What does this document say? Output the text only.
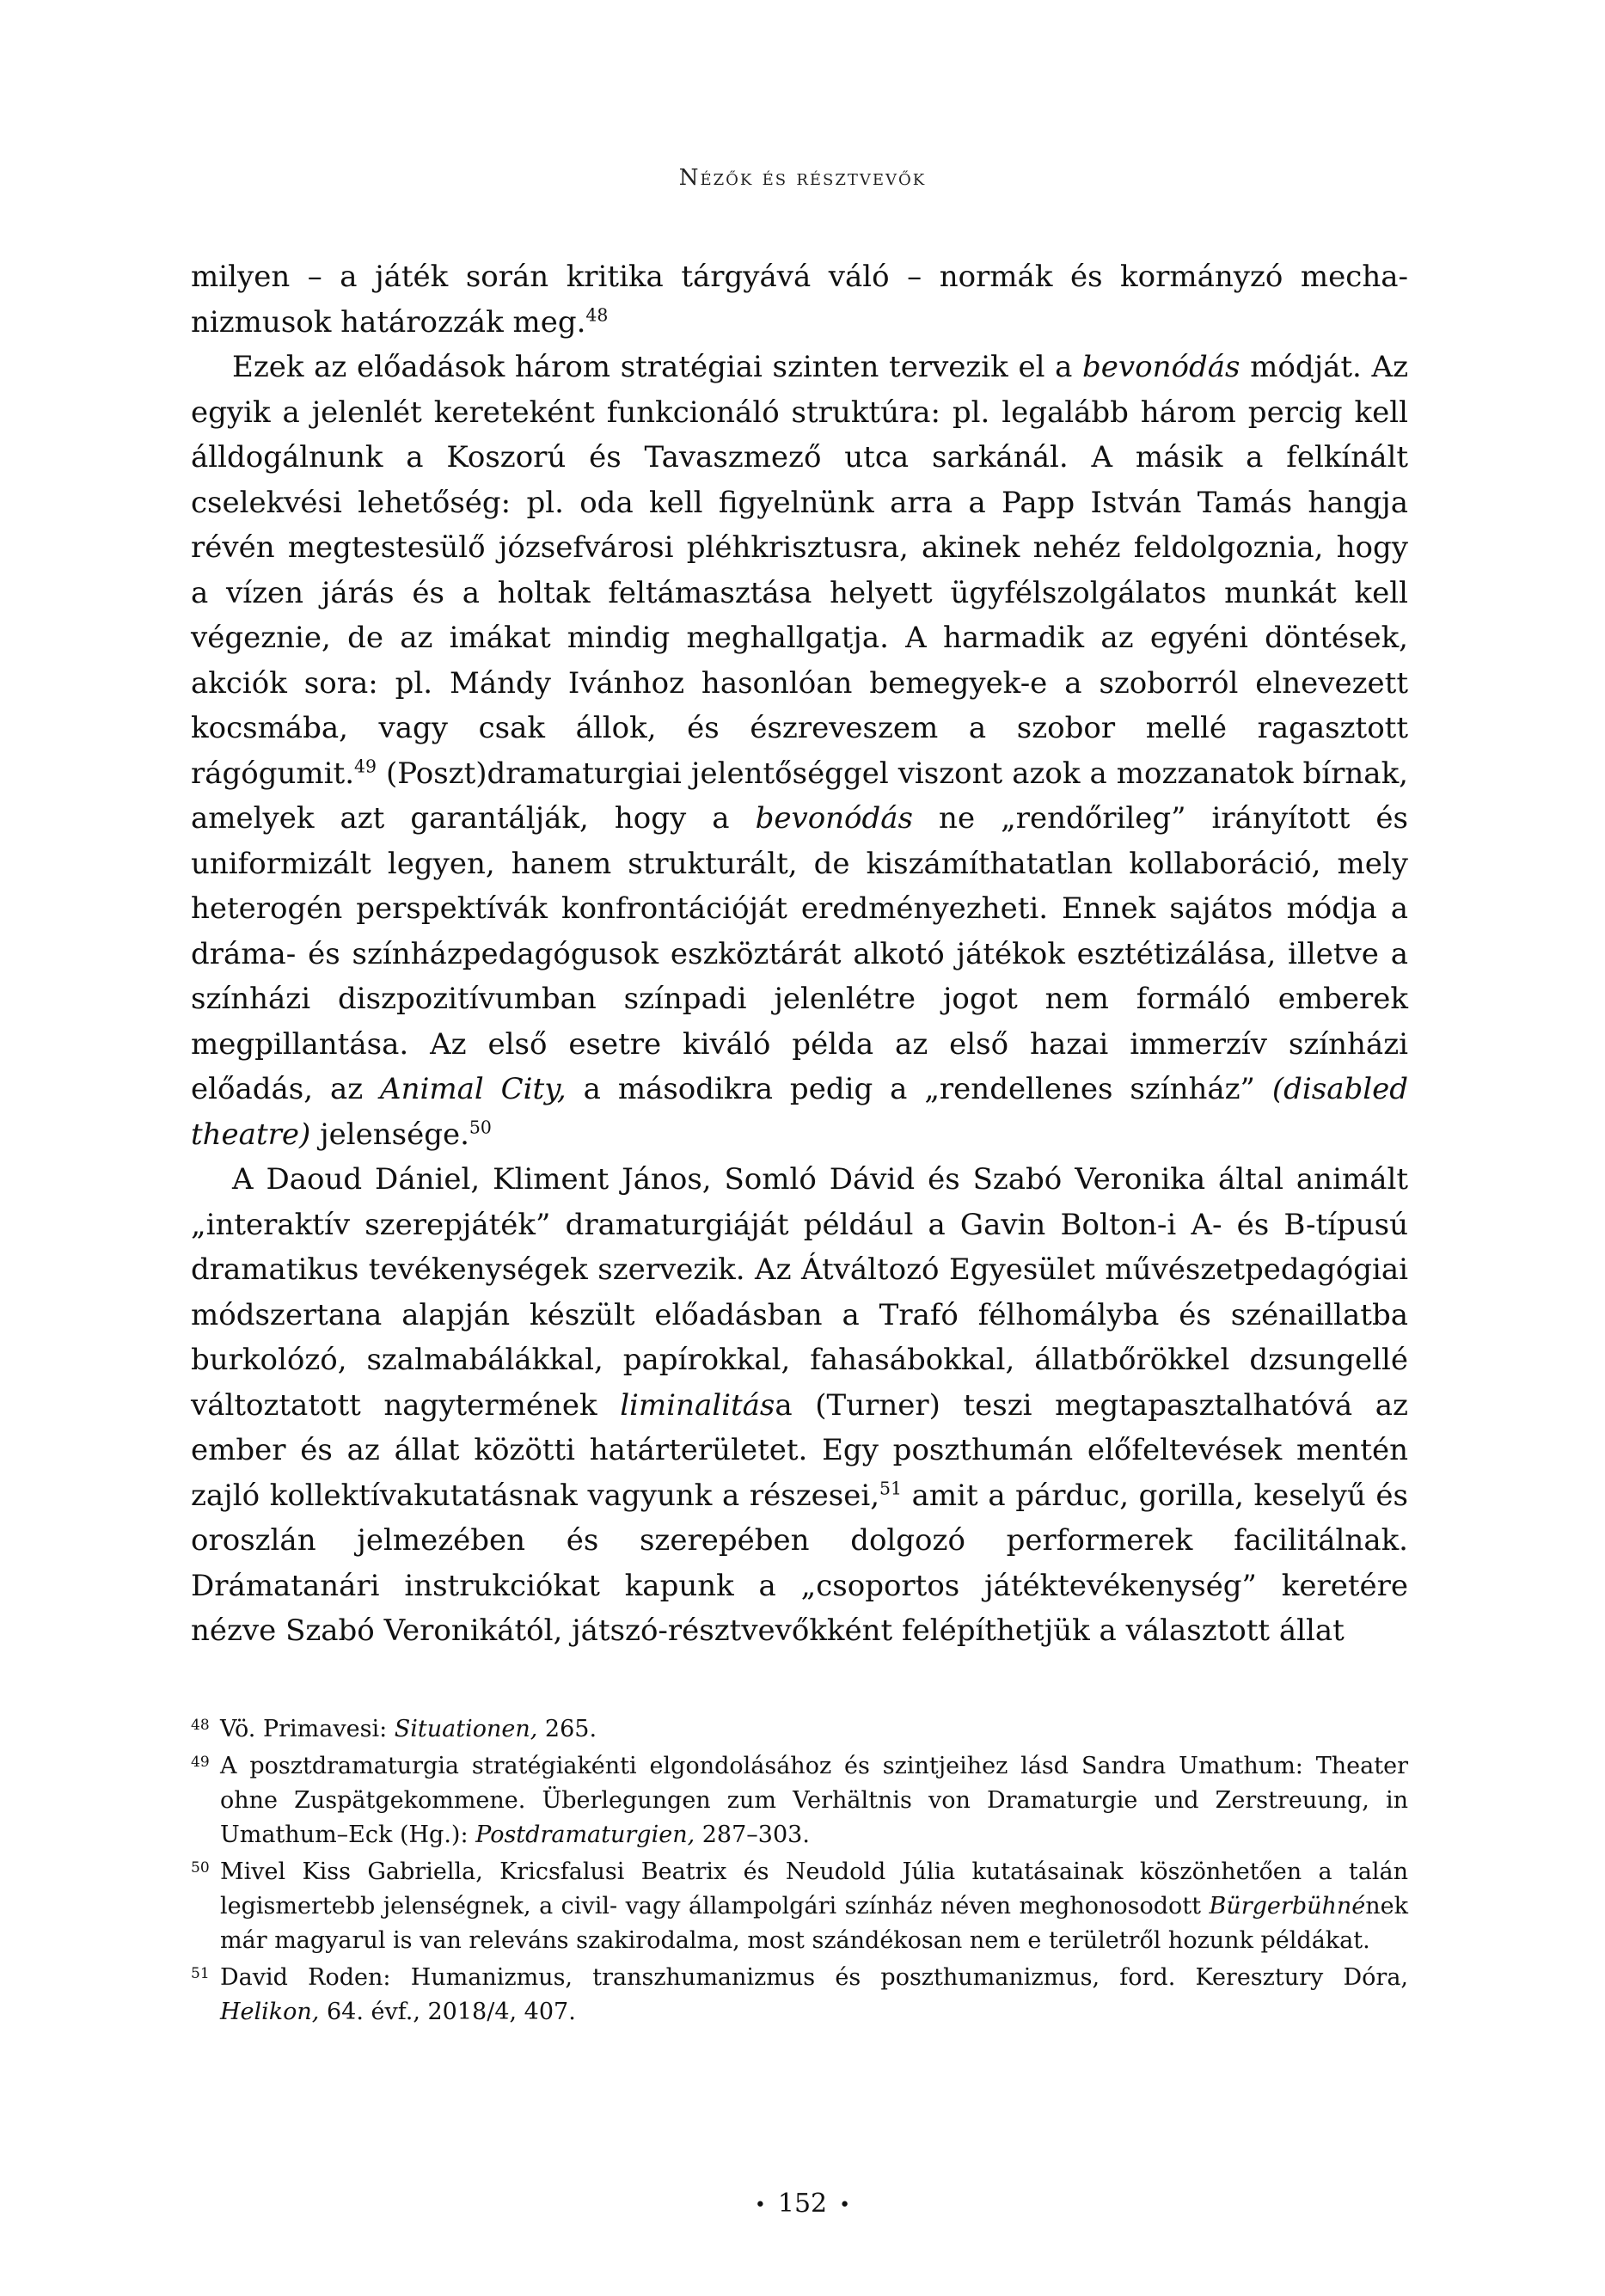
Nézők és résztvevők

milyen – a játék során kritika tárgyává váló – normák és kormányzó mechanizmusok határozzák meg.$^{48}$

Ezek az előadások három stratégiai szinten tervezik el a bevonódás módját. Az egyik a jelenlét kereteként funkcionáló struktúra: pl. legalább három percig kell álldogálnunk a Koszorú és Tavaszmező utca sarkánál. A másik a felkínált cselekvési lehetőség: pl. oda kell figyelnünk arra a Papp István Tamás hangja révén megtestesülő józsefvárosi pléhkrisztusra, akinek nehéz feldolgoznia, hogy a vízen járás és a holtak feltámasztása helyett ügyfélszolgálatos munkát kell végeznie, de az imákat mindig meghallgatja. A harmadik az egyéni döntések, akciók sora: pl. Mándy Ivánhoz hasonlóan bemegyek-e a szoborról elnevezett kocsmába, vagy csak állok, és észreveszem a szobor mellé ragasztott rágógumit.$^{49}$ (Poszt)dramaturgiai jelentőséggel viszont azok a mozzanatok bírnak, amelyek azt garantálják, hogy a bevonódás ne „rendőrileg” irányított és uniformizált legyen, hanem strukturált, de kiszámíthatatlan kollaboráció, mely heterogén perspektívák konfrontációját eredményezheti. Ennek sajátos módja a dráma- és színházpedagógusok eszköztárát alkotó játékok esztétizálása, illetve a színházi diszpozitívumban színpadi jelenlétre jogot nem formáló emberek megpillantása. Az első esetre kiváló példa az első hazai immerzív színházi előadás, az Animal City, a másodikra pedig a „rendellenes színház” (disabled theatre) jelensége.$^{50}$

A Daoud Dániel, Kliment János, Somló Dávid és Szabó Veronika által animált „interaktív szerepjáték” dramaturgiáját például a Gavin Bolton-i A- és B-típusú dramatikus tevékenységek szervezik. Az Átváltozó Egyesület művészetpedagógiai módszertana alapján készült előadásban a Trafó félhomályba és szénaillatba burkolózó, szalmabálákkal, papírokkal, fahasábokkal, állatbőrökkel dzsungellé változtatott nagytermének liminalitása (Turner) teszi megtapasztalhatóvá az ember és az állat közötti határterületet. Egy poszthumán előfeltevések mentén zajló kollektívakutatásnak vagyunk a részesei,$^{51}$ amit a párduc, gorilla, keselyű és oroszlán jelmezében és szerepében dolgozó performerek facilitálnak. Drámatanári instrukciókat kapunk a „csoportos játéktevékenység” keretére nézve Szabó Veronikától, játszó-résztvevőkként felépíthetjük a választott állat

48 Vö. Primavesi: Situationen, 265.
49 A posztdramaturgia stratégiakénti elgondolásához és szintjeihez lásd Sandra Umathum: Theater ohne Zuspätgekommene. Überlegungen zum Verhältnis von Dramaturgie und Zerstreuung, in Umathum–Eck (Hg.): Postdramaturgien, 287–303.
50 Mivel Kiss Gabriella, Kricsfalusi Beatrix és Neudold Júlia kutatásainak köszönhetően a talán legismertebb jelenségnek, a civil- vagy állampolgári színház néven meghonosodott Bürgerbühnének már magyarul is van releváns szakirodalma, most szándékosan nem e területről hozunk példákat.
51 David Roden: Humanizmus, transzhumanizmus és poszthumanizmus, ford. Keresztury Dóra, Helikon, 64. évf., 2018/4, 407.
• 152 •
